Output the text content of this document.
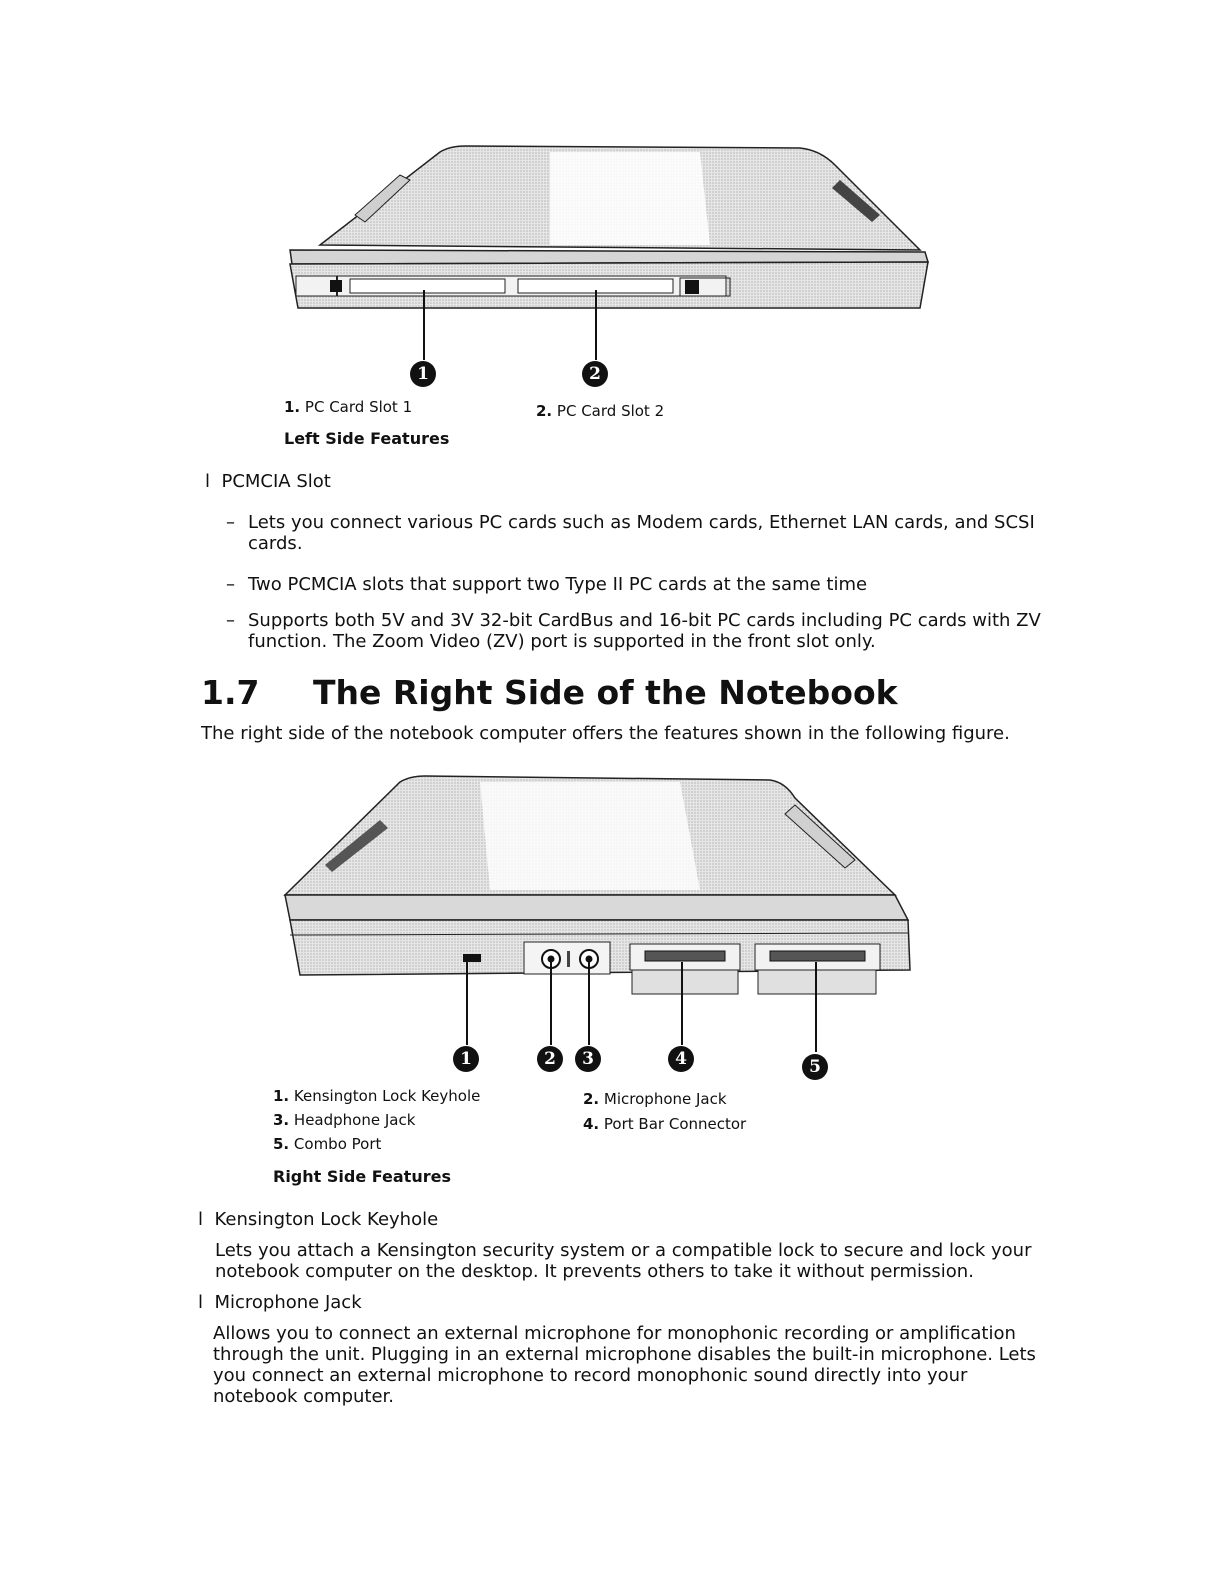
1	2
1. PC Card Slot 1	2. PC Card Slot 2
Left Side Features
l PCMCIA Slot
– Lets you connect various PC cards such as Modem cards, Ethernet LAN cards, and SCSI cards.
– Two PCMCIA slots that support two Type II PC cards at the same time
– Supports both 5V and 3V 32-bit CardBus and 16-bit PC cards including PC cards with ZV function. The Zoom Video (ZV) port is supported in the front slot only.
1.7 The Right Side of the Notebook
The right side of the notebook computer offers the features shown in the following figure.
1	2	3	4	5
1. Kensington Lock Keyhole	2. Microphone Jack
3. Headphone Jack	4. Port Bar Connector
5. Combo Port
Right Side Features
l Kensington Lock Keyhole
Lets you attach a Kensington security system or a compatible lock to secure and lock your notebook computer on the desktop. It prevents others to take it without permission.
l Microphone Jack
Allows you to connect an external microphone for monophonic recording or amplification through the unit. Plugging in an external microphone disables the built-in microphone. Lets you connect an external microphone to record monophonic sound directly into your notebook computer.
